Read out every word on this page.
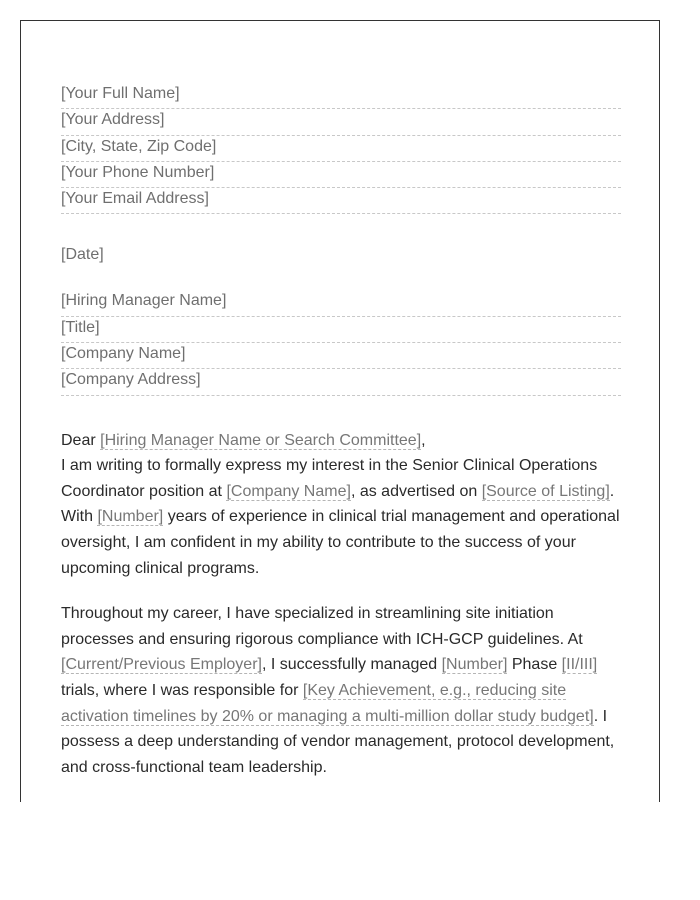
[Your Full Name]
[Your Address]
[City, State, Zip Code]
[Your Phone Number]
[Your Email Address]
[Date]
[Hiring Manager Name]
[Title]
[Company Name]
[Company Address]
Dear [Hiring Manager Name or Search Committee],
I am writing to formally express my interest in the Senior Clinical Operations Coordinator position at [Company Name], as advertised on [Source of Listing]. With [Number] years of experience in clinical trial management and operational oversight, I am confident in my ability to contribute to the success of your upcoming clinical programs.
Throughout my career, I have specialized in streamlining site initiation processes and ensuring rigorous compliance with ICH-GCP guidelines. At [Current/Previous Employer], I successfully managed [Number] Phase [II/III] trials, where I was responsible for [Key Achievement, e.g., reducing site activation timelines by 20% or managing a multi-million dollar study budget]. I possess a deep understanding of vendor management, protocol development, and cross-functional team leadership.
